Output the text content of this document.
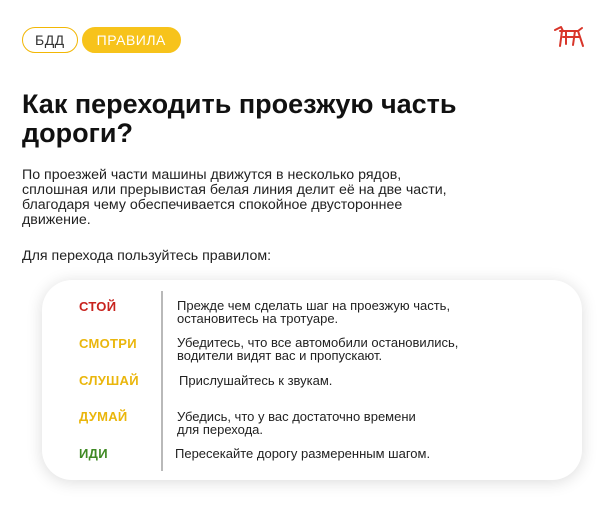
БДД	ПРАВИЛА
Как переходить проезжую часть
дороги?
По проезжей части машины движутся в несколько рядов,
сплошная или прерывистая белая линия делит её на две части,
благодаря чему обеспечивается спокойное двустороннее
движение.
Для перехода пользуйтесь правилом:
СТОЙ	Прежде чем сделать шаг на проезжую часть,
остановитесь на тротуаре.
СМОТРИ	Убедитесь, что все автомобили остановились,
водители видят вас и пропускают.
СЛУШАЙ	Прислушайтесь к звукам.
ДУМАЙ	Убедись, что у вас достаточно времени
для перехода.
ИДИ	Пересекайте дорогу размеренным шагом.
